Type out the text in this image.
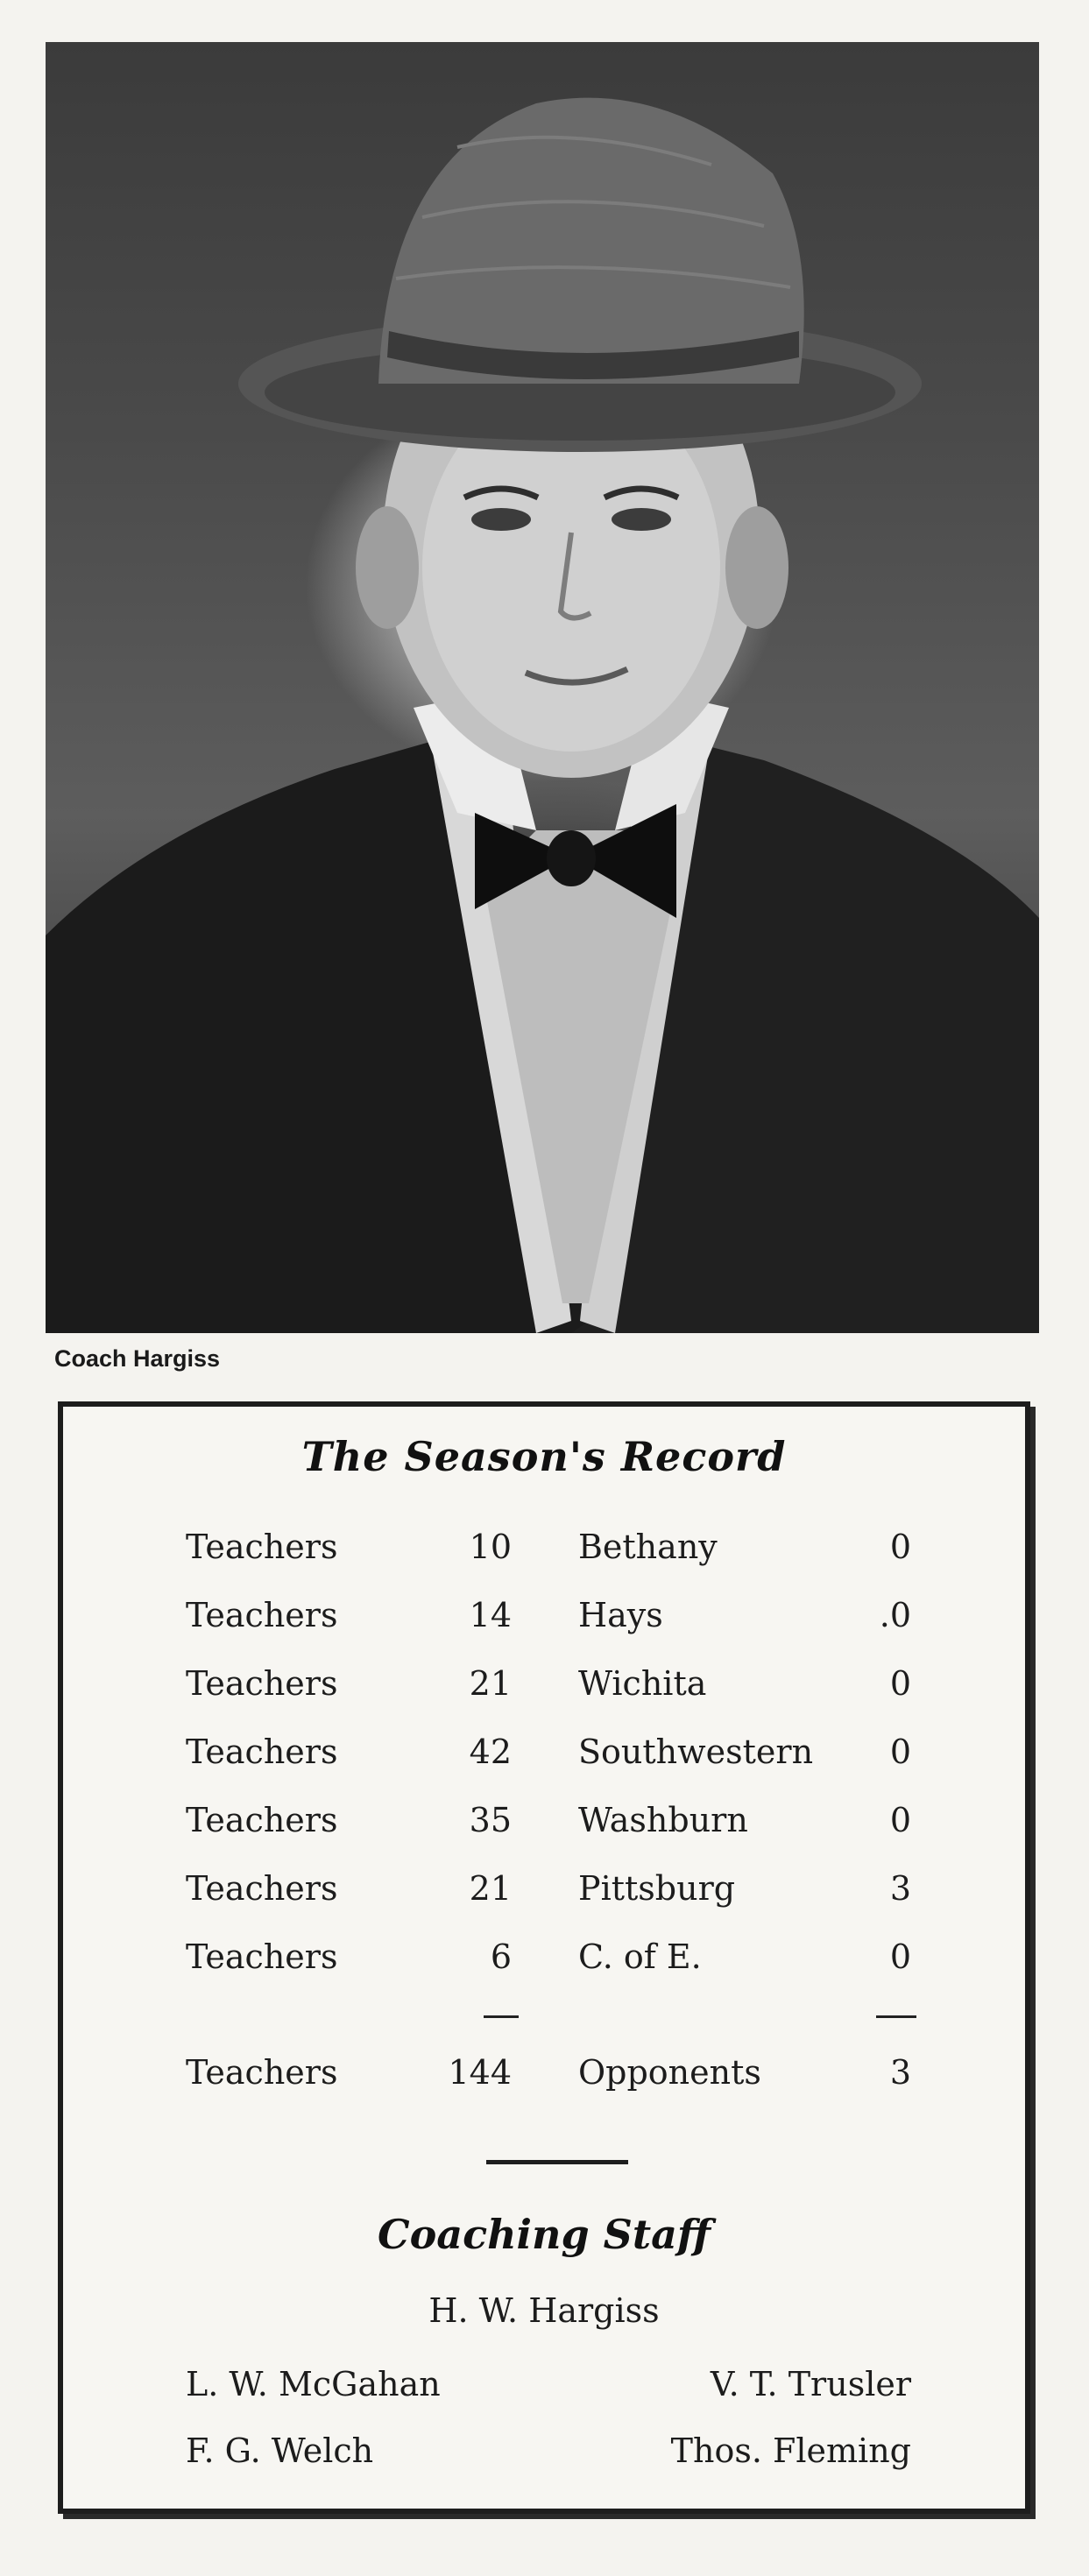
Coach Hargiss
The Season's Record
Teachers	10 Bethany	0
Teachers	14 Hays	.0
Teachers	21 Wichita	0
Teachers	42 Southwestern 0
Teachers	35 Washburn	0
Teachers	21 Pittsburg	3
Teachers	6 C. of E.	0
Teachers	144 Opponents	3
Coaching Staff
H. W. Hargiss
L. W. McGahan	V. T. Trusler
F. G. Welch	Thos. Fleming
